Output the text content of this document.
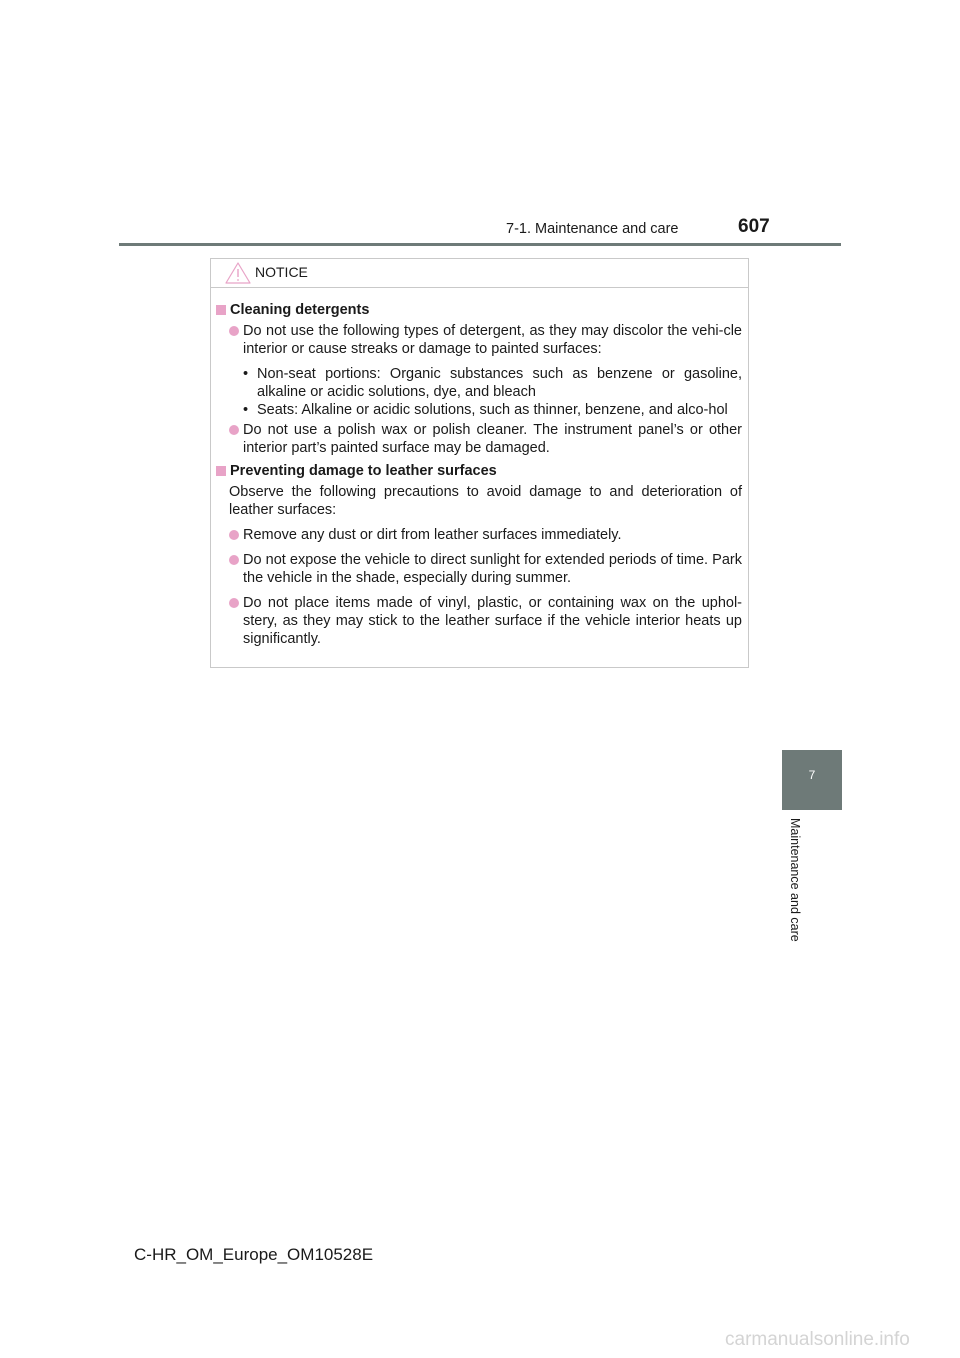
7-1. Maintenance and care	607
7
Maintenance and care
NOTICE
Cleaning detergents
Do not use the following types of detergent, as they may discolor the vehi-cle interior or cause streaks or damage to painted surfaces:
• Non-seat portions: Organic substances such as benzene or gasoline, alkaline or acidic solutions, dye, and bleach
• Seats: Alkaline or acidic solutions, such as thinner, benzene, and alco-hol
Do not use a polish wax or polish cleaner. The instrument panel’s or other interior part’s painted surface may be damaged.
Preventing damage to leather surfaces
Observe the following precautions to avoid damage to and deterioration of leather surfaces:
Remove any dust or dirt from leather surfaces immediately.
Do not expose the vehicle to direct sunlight for extended periods of time. Park the vehicle in the shade, especially during summer.
Do not place items made of vinyl, plastic, or containing wax on the uphol-stery, as they may stick to the leather surface if the vehicle interior heats up significantly.
C-HR_OM_Europe_OM10528E
carmanualsonline.info
